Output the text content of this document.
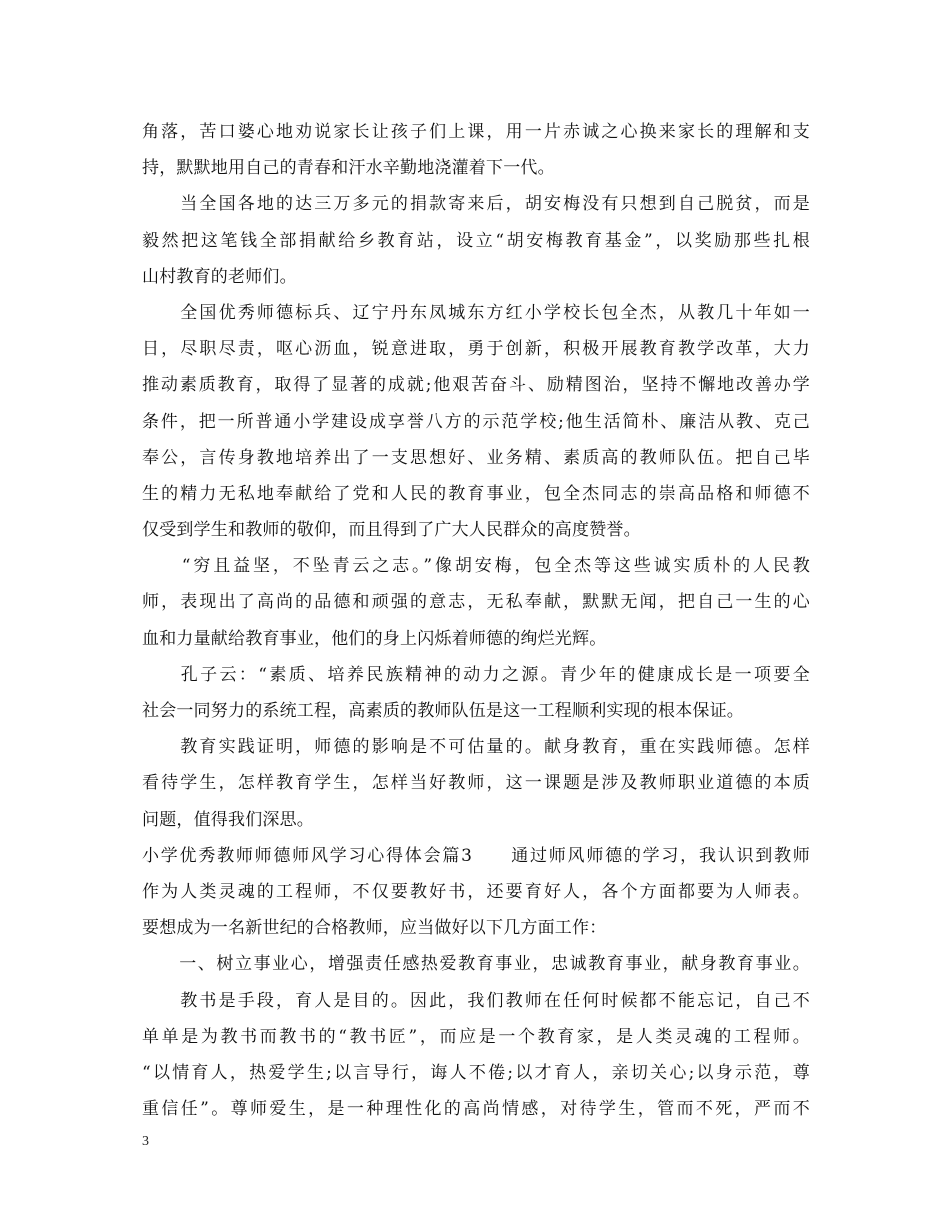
角落，苦口婆心地劝说家长让孩子们上课，用一片赤诚之心换来家长的理解和支
持，默默地用自己的青春和汗水辛勤地浇灌着下一代。
　　当全国各地的达三万多元的捐款寄来后，胡安梅没有只想到自己脱贫，而是
毅然把这笔钱全部捐献给乡教育站，设立“胡安梅教育基金”，以奖励那些扎根
山村教育的老师们。
　　全国优秀师德标兵、辽宁丹东凤城东方红小学校长包全杰，从教几十年如一
日，尽职尽责，呕心沥血，锐意进取，勇于创新，积极开展教育教学改革，大力
推动素质教育，取得了显著的成就;他艰苦奋斗、励精图治，坚持不懈地改善办学
条件，把一所普通小学建设成享誉八方的示范学校;他生活简朴、廉洁从教、克己
奉公，言传身教地培养出了一支思想好、业务精、素质高的教师队伍。把自己毕
生的精力无私地奉献给了党和人民的教育事业，包全杰同志的崇高品格和师德不
仅受到学生和教师的敬仰，而且得到了广大人民群众的高度赞誉。
　　“穷且益坚，不坠青云之志。”像胡安梅，包全杰等这些诚实质朴的人民教
师，表现出了高尚的品德和顽强的意志，无私奉献，默默无闻，把自己一生的心
血和力量献给教育事业，他们的身上闪烁着师德的绚烂光辉。
　　孔子云：“素质、培养民族精神的动力之源。青少年的健康成长是一项要全
社会一同努力的系统工程，高素质的教师队伍是这一工程顺利实现的根本保证。
　　教育实践证明，师德的影响是不可估量的。献身教育，重在实践师德。怎样
看待学生，怎样教育学生，怎样当好教师，这一课题是涉及教师职业道德的本质
问题，值得我们深思。
小学优秀教师师德师风学习心得体会篇3　　通过师风师德的学习，我认识到教师
作为人类灵魂的工程师，不仅要教好书，还要育好人，各个方面都要为人师表。
要想成为一名新世纪的合格教师，应当做好以下几方面工作：
　　一、树立事业心，增强责任感热爱教育事业，忠诚教育事业，献身教育事业。
　　教书是手段，育人是目的。因此，我们教师在任何时候都不能忘记，自己不
单单是为教书而教书的“教书匠”，而应是一个教育家，是人类灵魂的工程师。
“以情育人，热爱学生;以言导行，诲人不倦;以才育人，亲切关心;以身示范，尊
重信任”。尊师爱生，是一种理性化的高尚情感，对待学生，管而不死，严而不
3
